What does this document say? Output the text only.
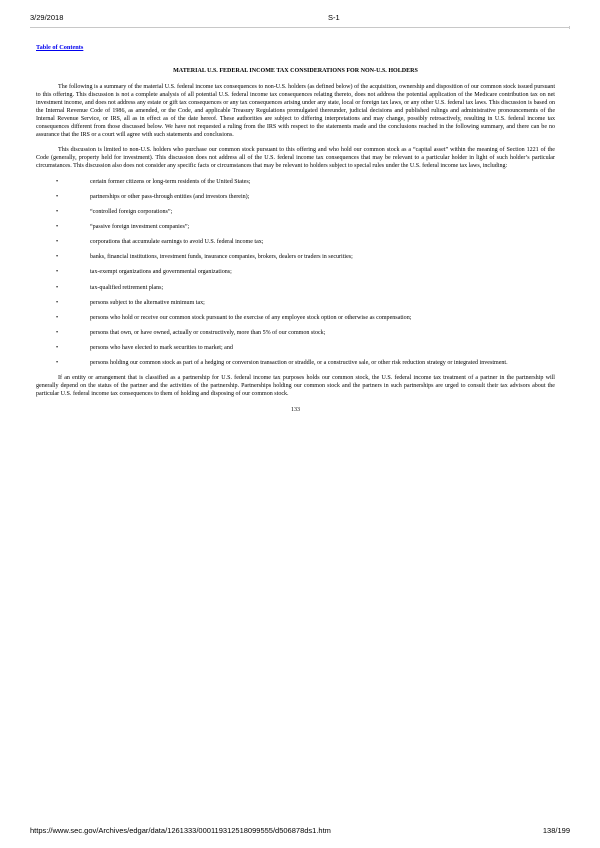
3/29/2018	S-1
Table of Contents
MATERIAL U.S. FEDERAL INCOME TAX CONSIDERATIONS FOR NON-U.S. HOLDERS

The following is a summary of the material U.S. federal income tax consequences to non-U.S. holders (as defined below) of the acquisition, ownership and disposition of our common stock issued pursuant to this offering. This discussion is not a complete analysis of all potential U.S. federal income tax consequences relating thereto, does not address the potential application of the Medicare contribution tax on net investment income, and does not address any estate or gift tax consequences or any tax consequences arising under any state, local or foreign tax laws, or any other U.S. federal tax laws. This discussion is based on the Internal Revenue Code of 1986, as amended, or the Code, and applicable Treasury Regulations promulgated thereunder, judicial decisions and published rulings and administrative pronouncements of the Internal Revenue Service, or IRS, all as in effect as of the date hereof. These authorities are subject to differing interpretations and may change, possibly retroactively, resulting in U.S. federal income tax consequences different from those discussed below. We have not requested a ruling from the IRS with respect to the statements made and the conclusions reached in the following summary, and there can be no assurance that the IRS or a court will agree with such statements and conclusions.

This discussion is limited to non-U.S. holders who purchase our common stock pursuant to this offering and who hold our common stock as a “capital asset” within the meaning of Section 1221 of the Code (generally, property held for investment). This discussion does not address all of the U.S. federal income tax consequences that may be relevant to a particular holder in light of such holder’s particular circumstances. This discussion also does not consider any specific facts or circumstances that may be relevant to holders subject to special rules under the U.S. federal income tax laws, including:

•	certain former citizens or long-term residents of the United States;
•	partnerships or other pass-through entities (and investors therein);
•	“controlled foreign corporations”;
•	“passive foreign investment companies”;
•	corporations that accumulate earnings to avoid U.S. federal income tax;
•	banks, financial institutions, investment funds, insurance companies, brokers, dealers or traders in securities;
•	tax-exempt organizations and governmental organizations;
•	tax-qualified retirement plans;
•	persons subject to the alternative minimum tax;
•	persons who hold or receive our common stock pursuant to the exercise of any employee stock option or otherwise as compensation;
•	persons that own, or have owned, actually or constructively, more than 5% of our common stock;
•	persons who have elected to mark securities to market; and
•	persons holding our common stock as part of a hedging or conversion transaction or straddle, or a constructive sale, or other risk reduction strategy or integrated investment.

If an entity or arrangement that is classified as a partnership for U.S. federal income tax purposes holds our common stock, the U.S. federal income tax treatment of a partner in the partnership will generally depend on the status of the partner and the activities of the partnership. Partnerships holding our common stock and the partners in such partnerships are urged to consult their tax advisors about the particular U.S. federal income tax consequences to them of holding and disposing of our common stock.

133
https://www.sec.gov/Archives/edgar/data/1261333/000119312518099555/d506878ds1.htm	138/199
